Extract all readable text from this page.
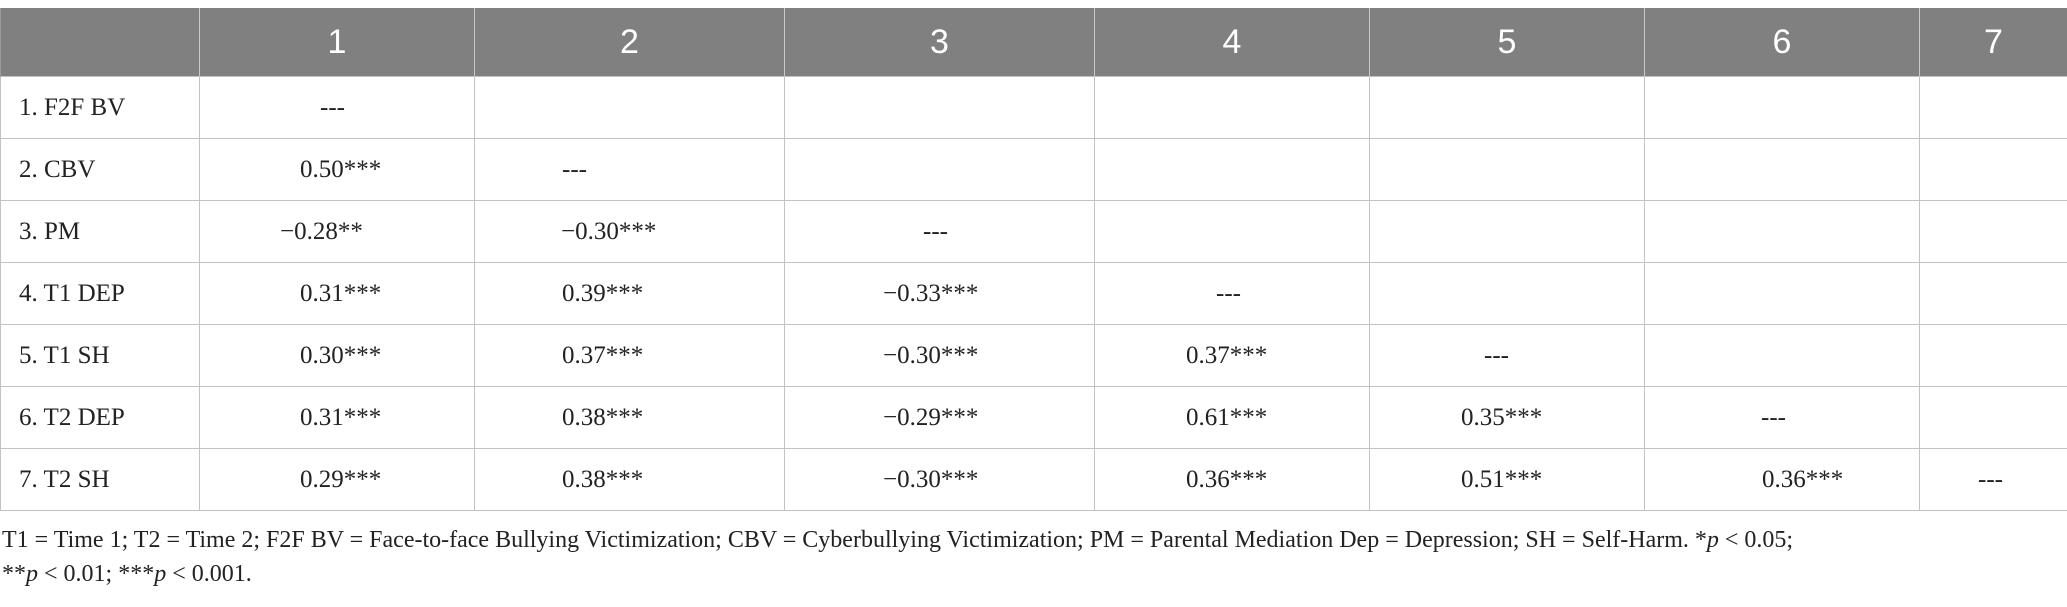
	1	2	3	4	5	6	7
1. F2F BV	---						
2. CBV	0.50***	---					
3. PM	−0.28**	−0.30***	---				
4. T1 DEP	0.31***	0.39***	−0.33***	---			
5. T1 SH	0.30***	0.37***	−0.30***	0.37***	---		
6. T2 DEP	0.31***	0.38***	−0.29***	0.61***	0.35***	---	
7. T2 SH	0.29***	0.38***	−0.30***	0.36***	0.51***	0.36***	---
T1 = Time 1; T2 = Time 2; F2F BV = Face-to-face Bullying Victimization; CBV = Cyberbullying Victimization; PM = Parental Mediation Dep = Depression; SH = Self-Harm. *p < 0.05;
**p < 0.01; ***p < 0.001.
